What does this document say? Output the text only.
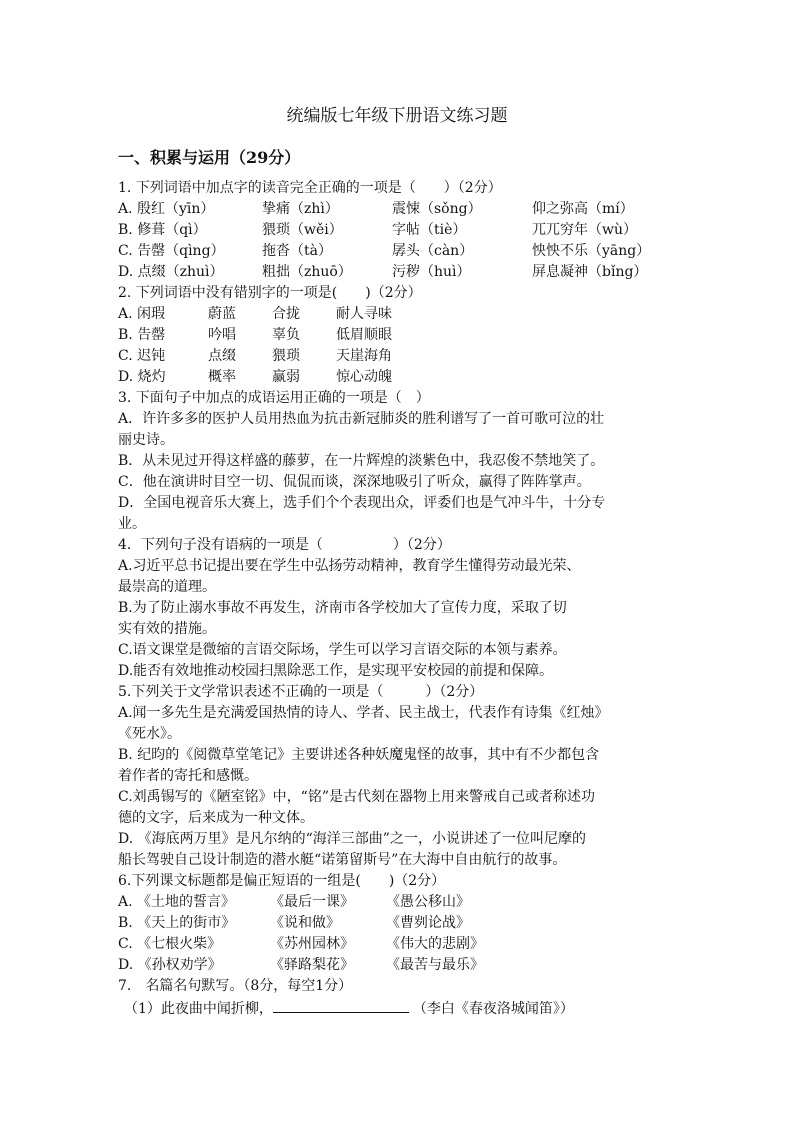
统编版七年级下册语文练习题
一、积累与运用（29分）
1. 下列词语中加点字的读音完全正确的一项是（　　）（2分）
A. 殷红（yīn）	挚痛（zhì）	震悚（sǒng）	仰之弥高（mí）
B. 修葺（qì）	猥琐（wěi）	字帖（tiè）	兀兀穷年（wù）
C. 告罄（qìng）	拖沓（tà）	孱头（càn）	怏怏不乐（yāng）
D. 点缀（zhuì）	粗拙（zhuō）	污秽（huì）	屏息凝神（bǐng）
2. 下列词语中没有错别字的一项是(　　)（2分）
A. 闲瑕	蔚蓝	合拢	耐人寻味
B. 告罄	吟唱	辜负	低眉顺眼
C. 迟钝	点缀	猥琐	天崖海角
D. 烧灼	概率	赢弱	惊心动魄
3. 下面句子中加点的成语运用正确的一项是（　）
A．许许多多的医护人员用热血为抗击新冠肺炎的胜利谱写了一首可歌可泣的壮
丽史诗。
B．从未见过开得这样盛的藤萝，在一片辉煌的淡紫色中，我忍俊不禁地笑了。
C．他在演讲时目空一切、侃侃而谈，深深地吸引了听众，赢得了阵阵掌声。
D．全国电视音乐大赛上，选手们个个表现出众，评委们也是气冲斗牛，十分专
业。
4．下列句子没有语病的一项是（　　　　　）（2分）
A.习近平总书记提出要在学生中弘扬劳动精神，教育学生懂得劳动最光荣、
最崇高的道理。
B.为了防止溺水事故不再发生，济南市各学校加大了宣传力度，采取了切
实有效的措施。
C.语文课堂是微缩的言语交际场，学生可以学习言语交际的本领与素养。
D.能否有效地推动校园扫黑除恶工作，是实现平安校园的前提和保障。
5.下列关于文学常识表述不正确的一项是（　　　）（2分）
A.闻一多先生是充满爱国热情的诗人、学者、民主战士，代表作有诗集《红烛》
《死水》。
B. 纪昀的《阅微草堂笔记》主要讲述各种妖魔鬼怪的故事，其中有不少都包含
着作者的寄托和感慨。
C.刘禹锡写的《陋室铭》中，“铭”是古代刻在器物上用来警戒自己或者称述功
德的文字，后来成为一种文体。
D. 《海底两万里》是凡尔纳的“海洋三部曲”之一，小说讲述了一位叫尼摩的
船长驾驶自己设计制造的潜水艇“诺第留斯号”在大海中自由航行的故事。
6.下列课文标题都是偏正短语的一组是(　　)（2分）
A. 《土地的誓言》 《最后一课》 《愚公移山》
B. 《天上的街市》 《说和做》	《曹刿论战》
C. 《七根火柴》	《苏州园林》 《伟大的悲剧》
D. 《孙权劝学》	《驿路梨花》 《最苦与最乐》
7.　名篇名句默写。（8分，每空1分）
（1）此夜曲中闻折柳，	（李白《春夜洛城闻笛》）
